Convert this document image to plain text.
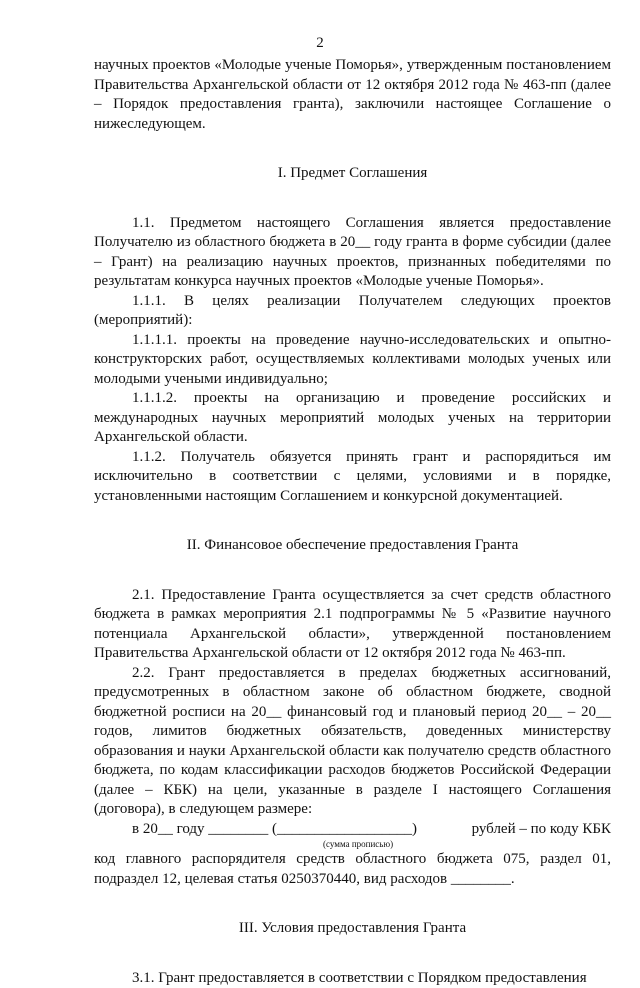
2

научных проектов «Молодые ученые Поморья», утвержденным постановлением Правительства Архангельской области от 12 октября 2012 года № 463-пп (далее – Порядок предоставления гранта), заключили настоящее Соглашение о нижеследующем.

I. Предмет Соглашения

1.1. Предметом настоящего Соглашения является предоставление Получателю из областного бюджета в 20__ году гранта в форме субсидии (далее – Грант) на реализацию научных проектов, признанных победителями по результатам конкурса научных проектов «Молодые ученые Поморья».

1.1.1. В целях реализации Получателем следующих проектов (мероприятий):

1.1.1.1. проекты на проведение научно-исследовательских и опытно-конструкторских работ, осуществляемых коллективами молодых ученых или молодыми учеными индивидуально;

1.1.1.2. проекты на организацию и проведение российских и международных научных мероприятий молодых ученых на территории Архангельской области.

1.1.2. Получатель обязуется принять грант и распорядиться им исключительно в соответствии с целями, условиями и в порядке, установленными настоящим Соглашением и конкурсной документацией.

II. Финансовое обеспечение предоставления Гранта

2.1. Предоставление Гранта осуществляется за счет средств областного бюджета в рамках мероприятия 2.1 подпрограммы № 5 «Развитие научного потенциала Архангельской области», утвержденной постановлением Правительства Архангельской области от 12 октября 2012 года № 463-пп.

2.2. Грант предоставляется в пределах бюджетных ассигнований, предусмотренных в областном законе об областном бюджете, сводной бюджетной росписи на 20__ финансовый год и плановый период 20__ – 20__ годов, лимитов бюджетных обязательств, доведенных министерству образования и науки Архангельской области как получателю средств областного бюджета, по кодам классификации расходов бюджетов Российской Федерации (далее – КБК) на цели, указанные в разделе I настоящего Соглашения (договора), в следующем размере:

в 20__ году ________ (__________________)	рублей – по коду КБК
(сумма прописью)

код главного распорядителя средств областного бюджета 075, раздел 01, подраздел 12, целевая статья 0250370440, вид расходов ________.

III. Условия предоставления Гранта

3.1. Грант предоставляется в соответствии с Порядком предоставления
